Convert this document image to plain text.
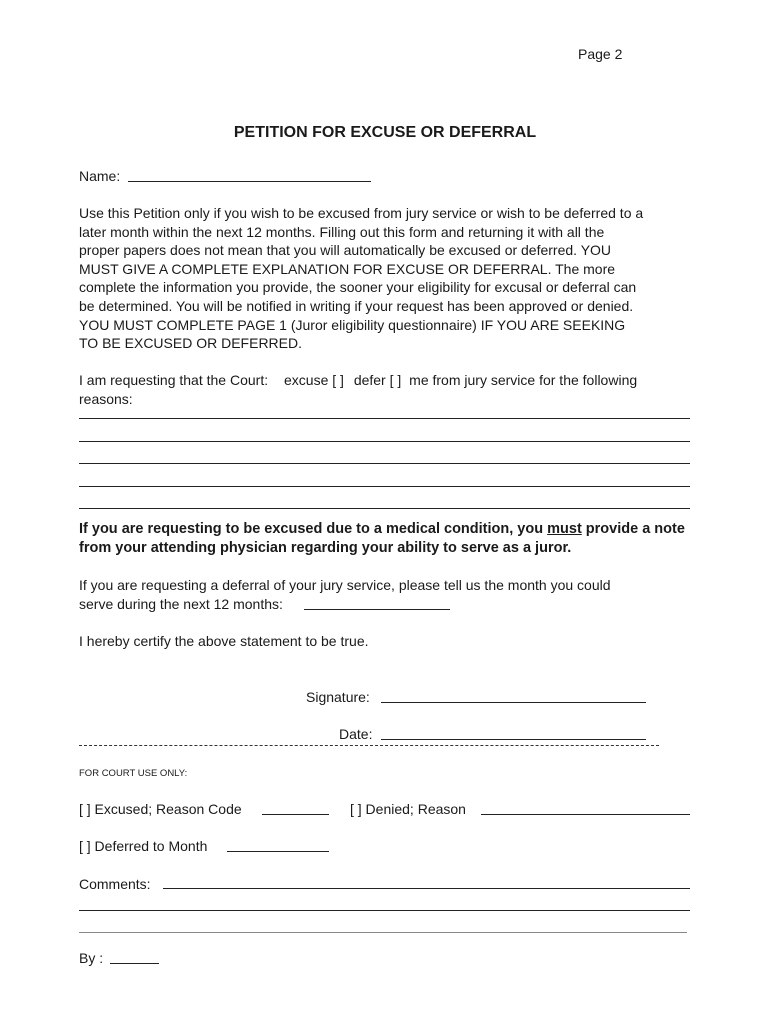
Page 2
PETITION FOR EXCUSE OR DEFERRAL
Name:

Use this Petition only if you wish to be excused from jury service or wish to be deferred to a

later month within the next 12 months. Filling out this form and returning it with all the

proper papers does not mean that you will automatically be excused or deferred. YOU

MUST GIVE A COMPLETE EXPLANATION FOR EXCUSE OR DEFERRAL. The more

complete the information you provide, the sooner your eligibility for excusal or deferral can

be determined. You will be notified in writing if your request has been approved or denied.

YOU MUST COMPLETE PAGE 1 (Juror eligibility questionnaire) IF YOU ARE SEEKING

TO BE EXCUSED OR DEFERRED.

I am requesting that the Court: excuse [ ] defer [ ] me from jury service for the following
reasons:
If you are requesting to be excused due to a medical condition, you must provide a note
from your attending physician regarding your ability to serve as a juror.
If you are requesting a deferral of your jury service, please tell us the month you could
serve during the next 12 months:
I hereby certify the above statement to be true.
Signature:
Date:
FOR COURT USE ONLY:
[ ] Excused; Reason Code	[ ] Denied; Reason
[ ] Deferred to Month
Comments:
By :
